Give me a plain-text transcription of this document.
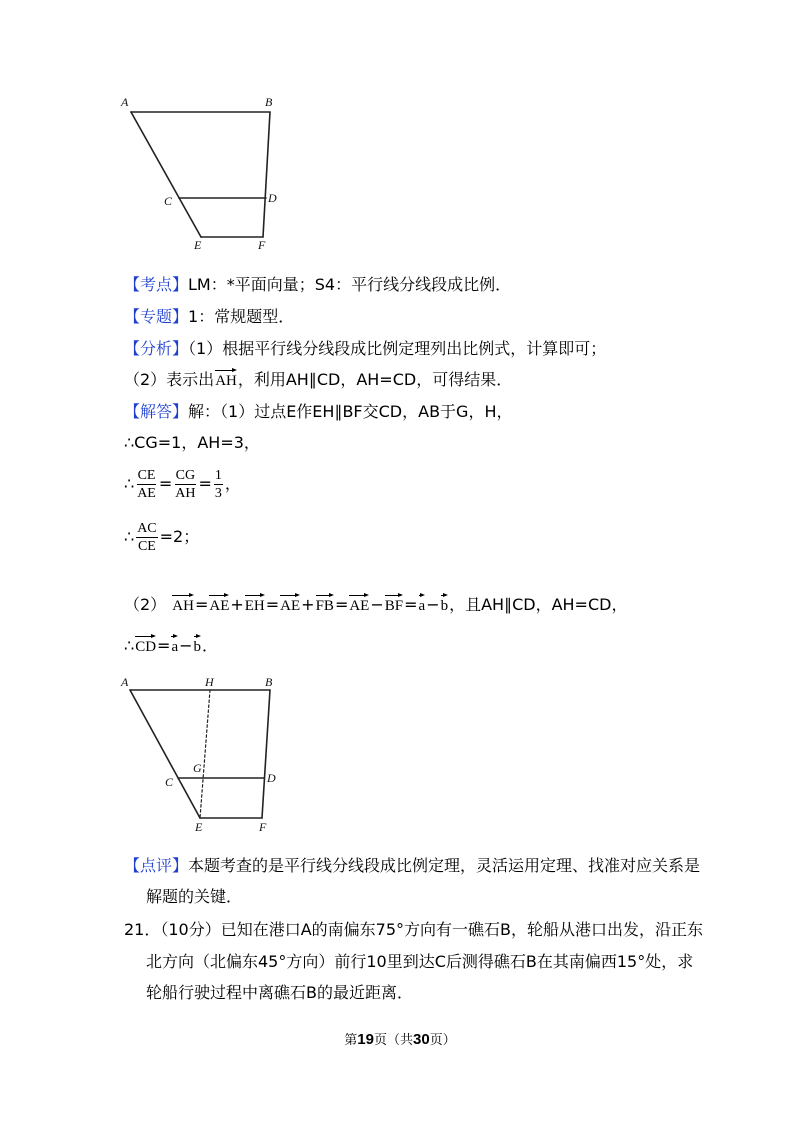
A	B
C	D
E	F
【考点】LM：*平面向量；S4：平行线分线段成比例．
【专题】1：常规题型．
【分析】（1）根据平行线分线段成比例定理列出比例式，计算即可；
（2）表示出AH，利用AH∥CD，AH=CD，可得结果．
【解答】解：（1）过点E作EH∥BF交CD，AB于G，H，
∴CG=1，AH=3，
∴ $\frac{CE}{AE} = \frac{CG}{AH} = \frac{1}{3}$ ，
∴ $\frac{AC}{CE} =2$；
（2） AH=AE+EH=AE+FB=AE−BF=a−b，且AH∥CD，AH=CD，
∴CD=a−b．
A	H	B
G
C	D
E	F
【点评】本题考查的是平行线分线段成比例定理，灵活运用定理、找准对应关系是
解题的关键．
21．（10分）已知在港口A的南偏东75°方向有一礁石B，轮船从港口出发，沿正东
北方向（北偏东45°方向）前行10里到达C后测得礁石B在其南偏西15°处，求
轮船行驶过程中离礁石B的最近距离．
第19页（共30页）
